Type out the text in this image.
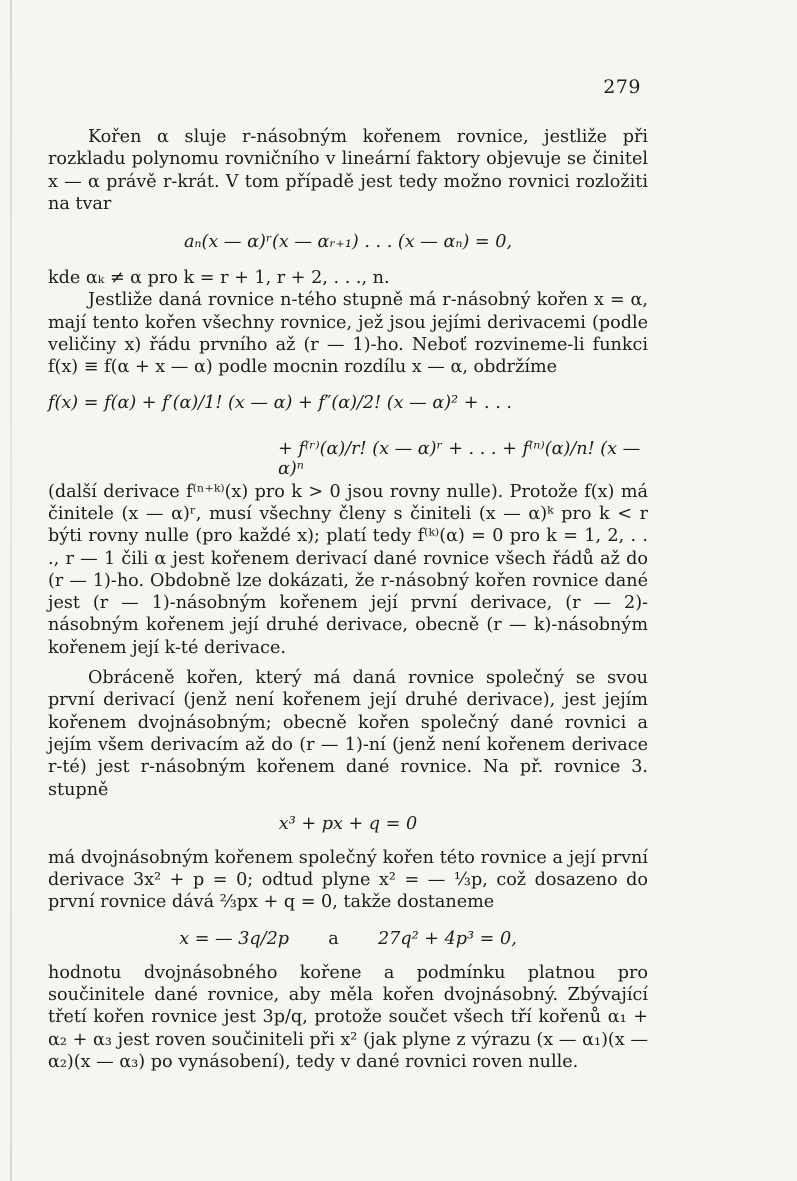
279

Kořen α sluje r-násobným kořenem rovnice, jestliže při rozkladu polynomu rovničního v lineární faktory objevuje se činitel x — α právě r-krát. V tom případě jest tedy možno rovnici rozložiti na tvar

aₙ(x — α)ʳ(x — αᵣ₊₁) . . . (x — αₙ) = 0,

kde αₖ ≠ α pro k = r + 1, r + 2, . . ., n.

Jestliže daná rovnice n-tého stupně má r-násobný kořen x = α, mají tento kořen všechny rovnice, jež jsou jejími derivacemi (podle veličiny x) řádu prvního až (r — 1)-ho. Neboť rozvineme-li funkci f(x) ≡ f(α + x — α) podle mocnin rozdílu x — α, obdržíme

f(x) = f(α) + f′(α)/1! (x — α) + f″(α)/2! (x — α)² + . . .
+ f⁽ʳ⁾(α)/r! (x — α)ʳ + . . . + f⁽ⁿ⁾(α)/n! (x — α)ⁿ

(další derivace f⁽ⁿ⁺ᵏ⁾(x) pro k > 0 jsou rovny nulle). Protože f(x) má činitele (x — α)ʳ, musí všechny členy s činiteli (x — α)ᵏ pro k < r býti rovny nulle (pro každé x); platí tedy f⁽ᵏ⁾(α) = 0 pro k = 1, 2, . . ., r — 1 čili α jest kořenem derivací dané rovnice všech řádů až do (r — 1)-ho. Obdobně lze dokázati, že r-násobný kořen rovnice dané jest (r — 1)-násobným kořenem její první derivace, (r — 2)-násobným kořenem její druhé derivace, obecně (r — k)-násobným kořenem její k-té derivace.

Obráceně kořen, který má daná rovnice společný se svou první derivací (jenž není kořenem její druhé derivace), jest jejím kořenem dvojnásobným; obecně kořen společný dané rovnici a jejím všem derivacím až do (r — 1)-ní (jenž není kořenem derivace r-té) jest r-násobným kořenem dané rovnice. Na př. rovnice 3. stupně

x³ + px + q = 0

má dvojnásobným kořenem společný kořen této rovnice a její první derivace 3x² + p = 0; odtud plyne x² = — ⅓p, což dosazeno do první rovnice dává ⅔px + q = 0, takže dostaneme

x = — 3q/2p a 27q² + 4p³ = 0,

hodnotu dvojnásobného kořene a podmínku platnou pro součinitele dané rovnice, aby měla kořen dvojnásobný. Zbývající třetí kořen rovnice jest 3p/q, protože součet všech tří kořenů α₁ + α₂ + α₃ jest roven součiniteli při x² (jak plyne z výrazu (x — α₁)(x — α₂)(x — α₃) po vynásobení), tedy v dané rovnici roven nulle.
